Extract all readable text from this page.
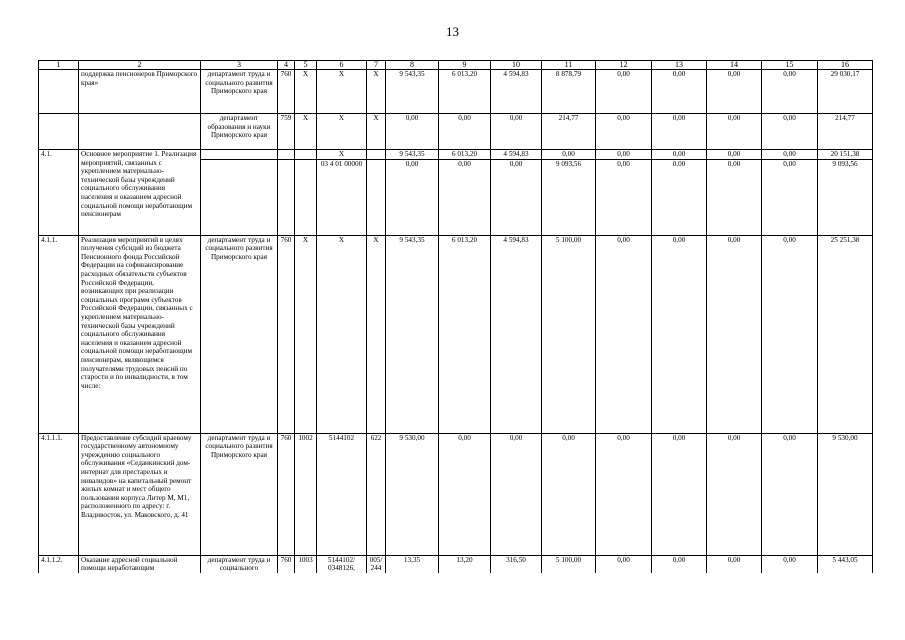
13
1	2	3	4	5	6	7	8	9	10	11	12	13	14	15	16
	поддержка пенсионеров Приморского края»	департамент труда и социального развития Приморского края	760	X	X	X	9 543,35	6 013,20	4 594,83	8 878,79	0,00	0,00	0,00	0,00	29 030,17
		департамент образования и науки Приморского края	759	X	X	X	0,00	0,00	0,00	214,77	0,00	0,00	0,00	0,00	214,77
4.1.	Основное мероприятие 1. Реализация мероприятий, связанных с укреплением материально-технической базы учреждений социального обслуживания населения и оказанием адресной социальной помощи неработающим пенсионерам				X		9 543,35	6 013,20	4 594,83	0,00	0,00	0,00	0,00	0,00	20 151,38
					03 4 01 00000		0,00	0,00	0,00	9 093,56	0,00	0,00	0,00	0,00	9 093,56
4.1.1.	Реализация мероприятий в целях получения субсидий из бюджета Пенсионного фонда Российской Федерации на софинансирование расходных обязательств субъектов Российской Федерации, возникающих при реализации социальных программ субъектов Российской Федерации, связанных с укреплением материально-технической базы учреждений социального обслуживания населения и оказанием адресной социальной помощи неработающим пенсионерам, являющимся получателями трудовых пенсий по старости и по инвалидности, в том числе:	департамент труда и социального развития Приморского края	760	X	X	X	9 543,35	6 013,20	4 594,83	5 100,00	0,00	0,00	0,00	0,00	25 251,38
4.1.1.1.	Предоставление субсидий краевому государственному автономному учреждению социального обслуживания «Седанкинский дом-интернат для престарелых и инвалидов» на капитальный ремонт жилых комнат и мест общего пользования корпуса Литер М, М1, расположенного по адресу: г. Владивосток, ул. Маковского, д. 41	департамент труда и социального развития Приморского края	760	1002	5144102	622	9 530,00	0,00	0,00	0,00	0,00	0,00	0,00	0,00	9 530,00
4.1.1.2.	Оказание адресной социальной помощи неработающим	департамент труда и социального	760	1003	5144102/ 0348126,	005/ 244	13,35	13,20	316,50	5 100,00	0,00	0,00	0,00	0,00	5 443,05
